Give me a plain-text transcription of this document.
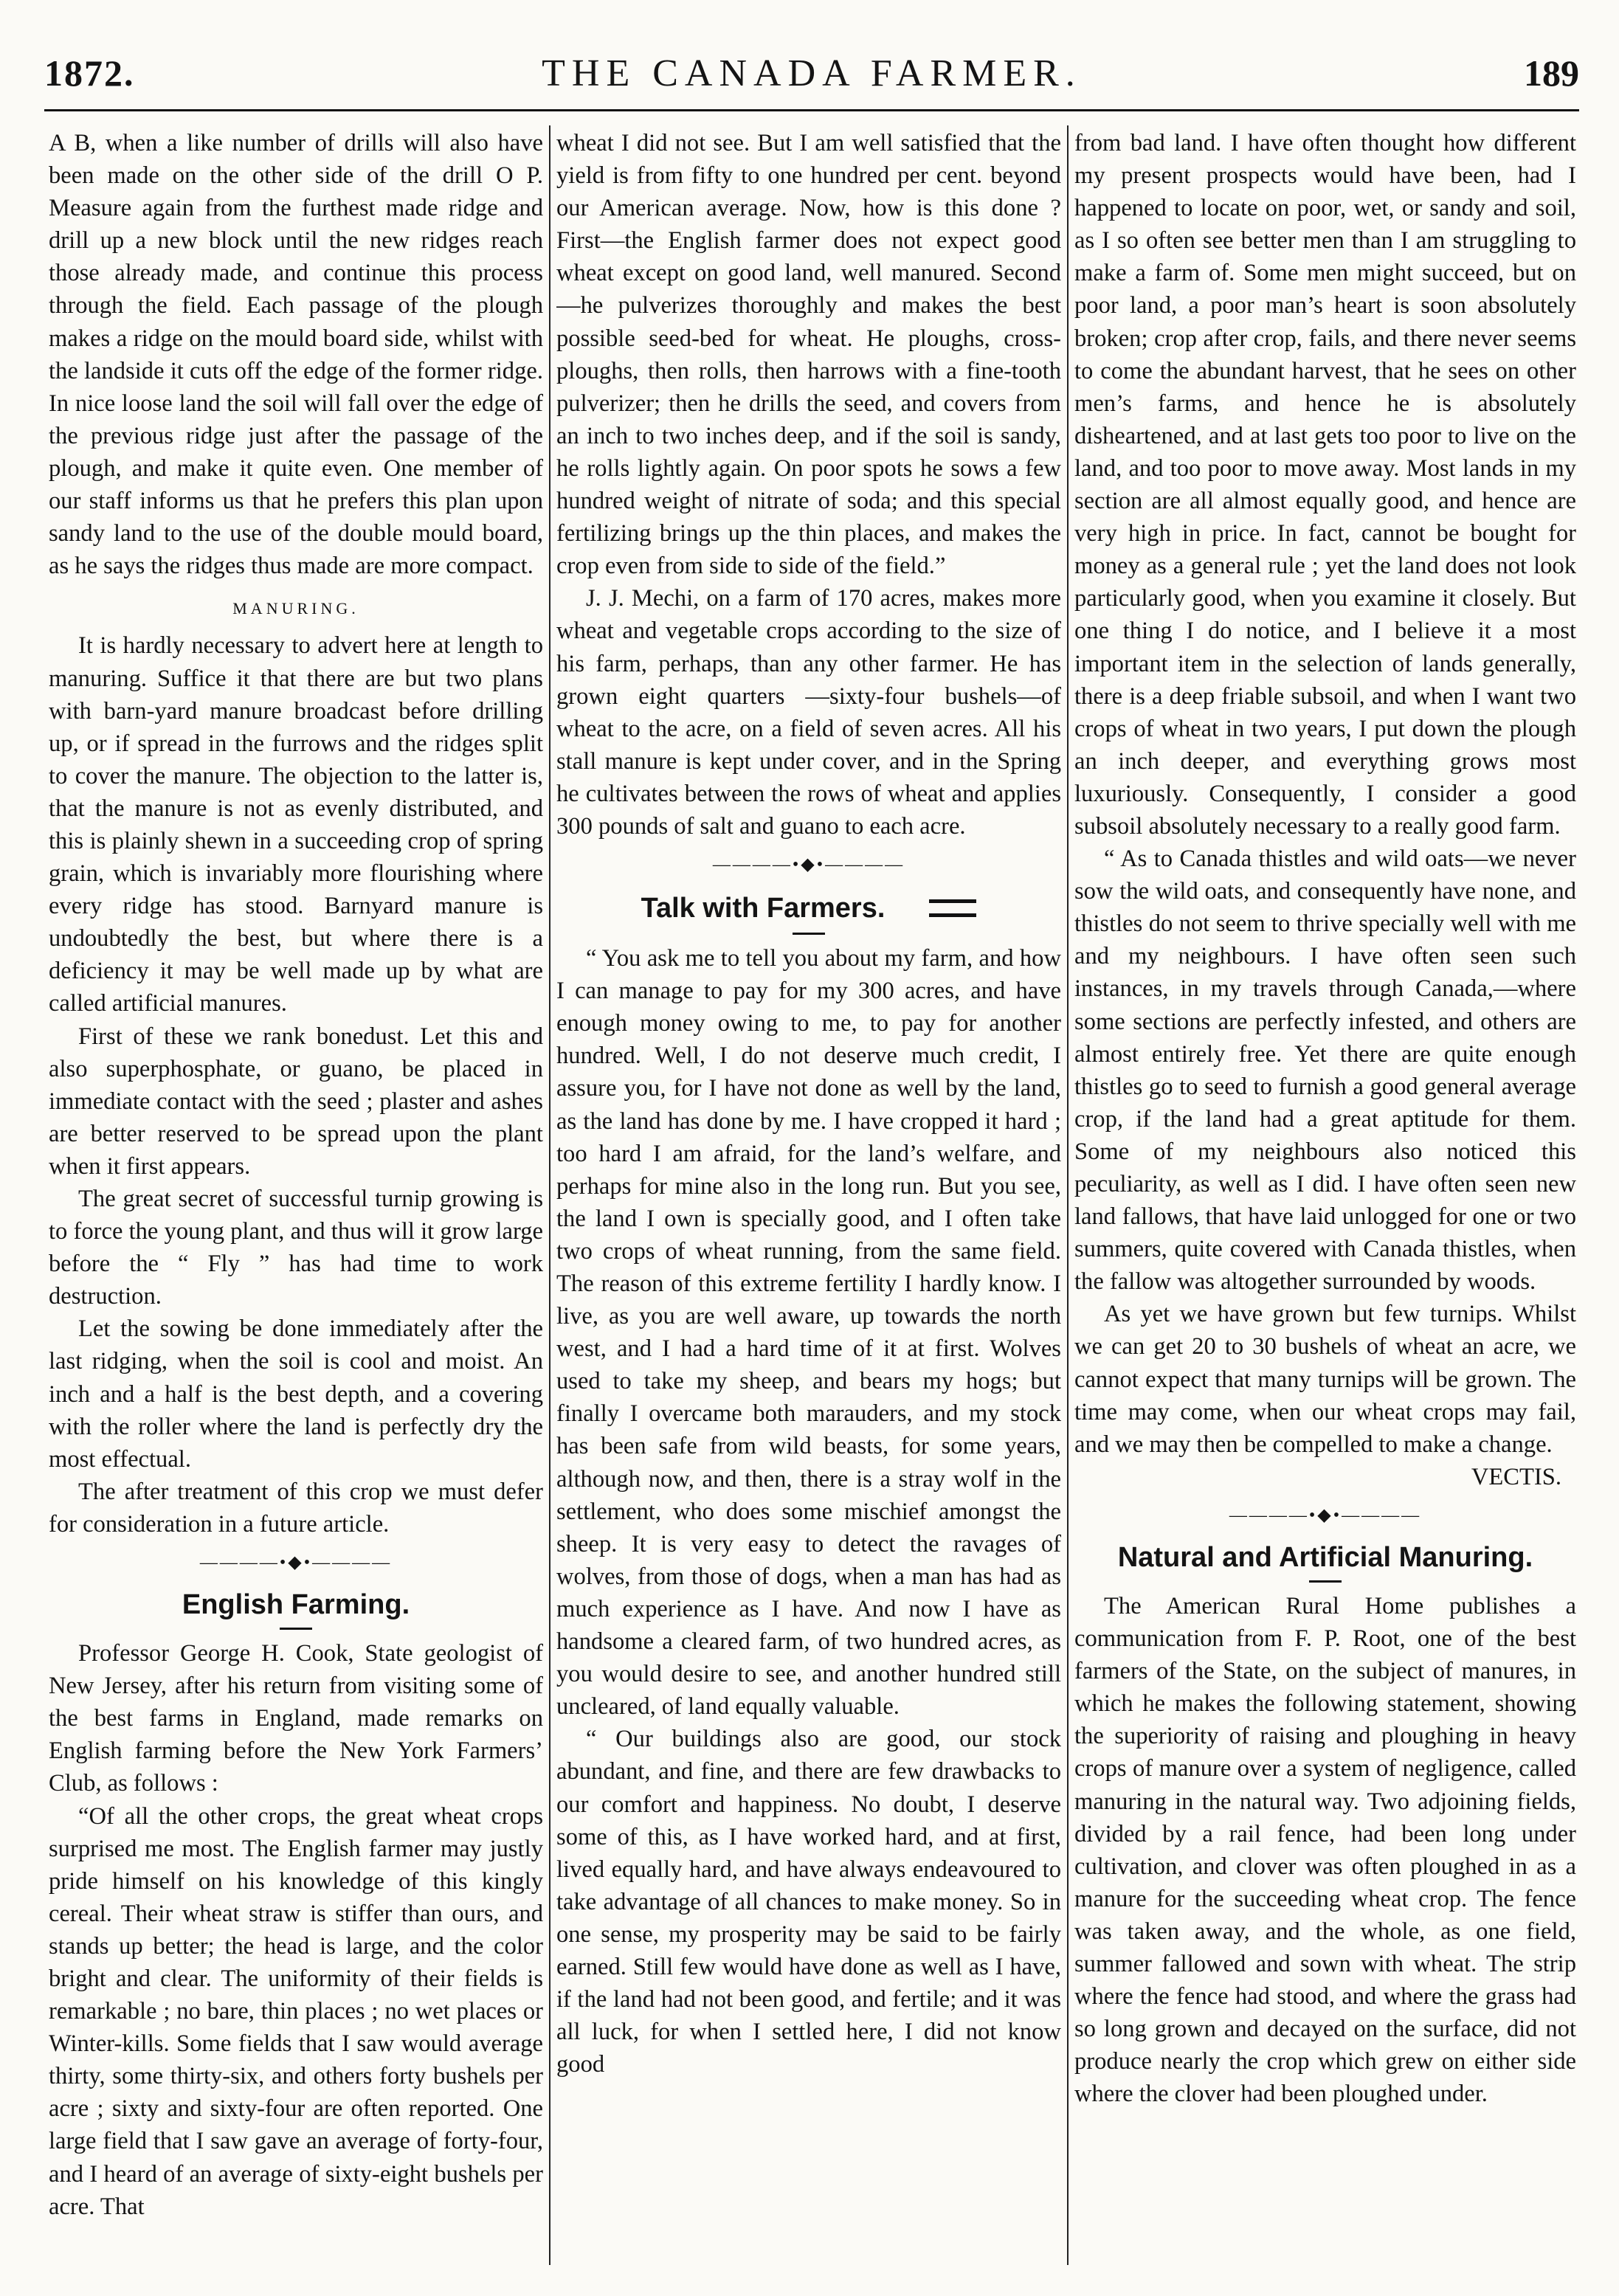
1872.	THE CANADA FARMER.	189

A B, when a like number of drills will also have been made on the other side of the drill O P. Measure again from the furthest made ridge and drill up a new block until the new ridges reach those already made, and continue this process through the field. Each passage of the plough makes a ridge on the mould board side, whilst with the landside it cuts off the edge of the former ridge. In nice loose land the soil will fall over the edge of the previous ridge just after the passage of the plough, and make it quite even. One member of our staff informs us that he prefers this plan upon sandy land to the use of the double mould board, as he says the ridges thus made are more compact.

MANURING.

It is hardly necessary to advert here at length to manuring. Suffice it that there are but two plans with barn-yard manure broadcast before drilling up, or if spread in the furrows and the ridges split to cover the manure. The objection to the latter is, that the manure is not as evenly distributed, and this is plainly shewn in a succeeding crop of spring grain, which is invariably more flourishing where every ridge has stood. Barnyard manure is undoubtedly the best, but where there is a deficiency it may be well made up by what are called artificial manures.

First of these we rank bonedust. Let this and also superphosphate, or guano, be placed in immediate contact with the seed ; plaster and ashes are better reserved to be spread upon the plant when it first appears.

The great secret of successful turnip growing is to force the young plant, and thus will it grow large before the “ Fly ” has had time to work destruction.

Let the sowing be done immediately after the last ridging, when the soil is cool and moist. An inch and a half is the best depth, and a covering with the roller where the land is perfectly dry the most effectual.

The after treatment of this crop we must defer for consideration in a future article.

————•◆•————
English Farming.

Professor George H. Cook, State geologist of New Jersey, after his return from visiting some of the best farms in England, made remarks on English farming before the New York Farmers’ Club, as follows :

“Of all the other crops, the great wheat crops surprised me most. The English farmer may justly pride himself on his knowledge of this kingly cereal. Their wheat straw is stiffer than ours, and stands up better; the head is large, and the color bright and clear. The uniformity of their fields is remarkable ; no bare, thin places ; no wet places or Winter-kills. Some fields that I saw would average thirty, some thirty-six, and others forty bushels per acre ; sixty and sixty-four are often reported. One large field that I saw gave an average of forty-four, and I heard of an average of sixty-eight bushels per acre. That

wheat I did not see. But I am well satisfied that the yield is from fifty to one hundred per cent. beyond our American average. Now, how is this done ? First—the English farmer does not expect good wheat except on good land, well manured. Second—he pulverizes thoroughly and makes the best possible seed-bed for wheat. He ploughs, cross-ploughs, then rolls, then harrows with a fine-tooth pulverizer; then he drills the seed, and covers from an inch to two inches deep, and if the soil is sandy, he rolls lightly again. On poor spots he sows a few hundred weight of nitrate of soda; and this special fertilizing brings up the thin places, and makes the crop even from side to side of the field.”

J. J. Mechi, on a farm of 170 acres, makes more wheat and vegetable crops according to the size of his farm, perhaps, than any other farmer. He has grown eight quarters —sixty-four bushels—of wheat to the acre, on a field of seven acres. All his stall manure is kept under cover, and in the Spring he cultivates between the rows of wheat and applies 300 pounds of salt and guano to each acre.

————•◆•————
Talk with Farmers.

“ You ask me to tell you about my farm, and how I can manage to pay for my 300 acres, and have enough money owing to me, to pay for another hundred. Well, I do not deserve much credit, I assure you, for I have not done as well by the land, as the land has done by me. I have cropped it hard ; too hard I am afraid, for the land’s welfare, and perhaps for mine also in the long run. But you see, the land I own is specially good, and I often take two crops of wheat running, from the same field. The reason of this extreme fertility I hardly know. I live, as you are well aware, up towards the north west, and I had a hard time of it at first. Wolves used to take my sheep, and bears my hogs; but finally I overcame both marauders, and my stock has been safe from wild beasts, for some years, although now, and then, there is a stray wolf in the settlement, who does some mischief amongst the sheep. It is very easy to detect the ravages of wolves, from those of dogs, when a man has had as much experience as I have. And now I have as handsome a cleared farm, of two hundred acres, as you would desire to see, and another hundred still uncleared, of land equally valuable.

“ Our buildings also are good, our stock abundant, and fine, and there are few drawbacks to our comfort and happiness. No doubt, I deserve some of this, as I have worked hard, and at first, lived equally hard, and have always endeavoured to take advantage of all chances to make money. So in one sense, my prosperity may be said to be fairly earned. Still few would have done as well as I have, if the land had not been good, and fertile; and it was all luck, for when I settled here, I did not know good

from bad land. I have often thought how different my present prospects would have been, had I happened to locate on poor, wet, or sandy and soil, as I so often see better men than I am struggling to make a farm of. Some men might succeed, but on poor land, a poor man’s heart is soon absolutely broken; crop after crop, fails, and there never seems to come the abundant harvest, that he sees on other men’s farms, and hence he is absolutely disheartened, and at last gets too poor to live on the land, and too poor to move away. Most lands in my section are all almost equally good, and hence are very high in price. In fact, cannot be bought for money as a general rule ; yet the land does not look particularly good, when you examine it closely. But one thing I do notice, and I believe it a most important item in the selection of lands generally, there is a deep friable subsoil, and when I want two crops of wheat in two years, I put down the plough an inch deeper, and everything grows most luxuriously. Consequently, I consider a good subsoil absolutely necessary to a really good farm.

“ As to Canada thistles and wild oats—we never sow the wild oats, and consequently have none, and thistles do not seem to thrive specially well with me and my neighbours. I have often seen such instances, in my travels through Canada,—where some sections are perfectly infested, and others are almost entirely free. Yet there are quite enough thistles go to seed to furnish a good general average crop, if the land had a great aptitude for them. Some of my neighbours also noticed this peculiarity, as well as I did. I have often seen new land fallows, that have laid unlogged for one or two summers, quite covered with Canada thistles, when the fallow was altogether surrounded by woods.

As yet we have grown but few turnips. Whilst we can get 20 to 30 bushels of wheat an acre, we cannot expect that many turnips will be grown. The time may come, when our wheat crops may fail, and we may then be compelled to make a change.

VECTIS.

————•◆•————
Natural and Artificial Manuring.

The American Rural Home publishes a communication from F. P. Root, one of the best farmers of the State, on the subject of manures, in which he makes the following statement, showing the superiority of raising and ploughing in heavy crops of manure over a system of negligence, called manuring in the natural way. Two adjoining fields, divided by a rail fence, had been long under cultivation, and clover was often ploughed in as a manure for the succeeding wheat crop. The fence was taken away, and the whole, as one field, summer fallowed and sown with wheat. The strip where the fence had stood, and where the grass had so long grown and decayed on the surface, did not produce nearly the crop which grew on either side where the clover had been ploughed under.
